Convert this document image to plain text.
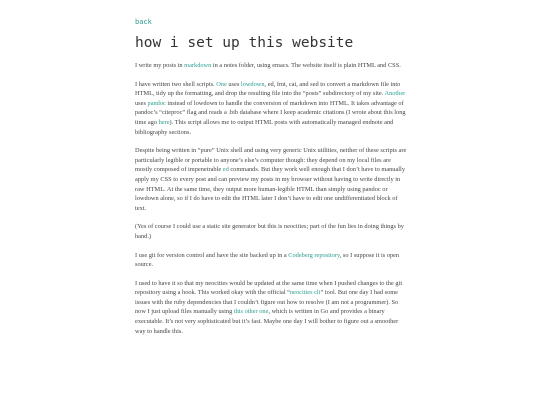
back
how i set up this website

I write my posts in markdown in a notes folder, using emacs. The website itself is plain HTML and CSS.

I have written two shell scripts. One uses lowdown, ed, fmt, cat, and sed to convert a markdown file into HTML, tidy up the formatting, and drop the resulting file into the “posts” subdirectory of my site. Another uses pandoc instead of lowdown to handle the conversion of markdown into HTML. It takes advantage of pandoc’s “citeproc” flag and reads a .bib database where I keep academic citations (I wrote about this long time ago here). This script allows me to output HTML posts with automatically managed endnote and bibliography sections.

Despite being written in “pure” Unix shell and using very generic Unix utilities, neither of these scripts are particularly legible or portable to anyone’s else’s computer though: they depend on my local files are mostly composed of impenetrable ed commands. But they work well enough that I don’t have to manually apply my CSS to every post and can preview my posts in my browser without having to write directly in raw HTML. At the same time, they output more human-legible HTML than simply using pandoc or lowdown alone, so if I do have to edit the HTML later I don’t have to edit one undifferentiated block of text.

(Yes of course I could use a static site generator but this is neocities; part of the fun lies in doing things by hand.)

I use git for version control and have the site backed up in a Codeberg repository, so I suppose it is open source.

I used to have it so that my neocities would be updated at the same time when I pushed changes to the git repository using a hook. This worked okay with the official “neocities cli” tool. But one day I had some issues with the ruby dependencies that I couldn’t figure out how to resolve (I am not a programmer). So now I just upload files manually using this other one, which is written in Go and provides a binary executable. It’s not very sophisticated but it’s fast. Maybe one day I will bother to figure out a smoother way to handle this.
